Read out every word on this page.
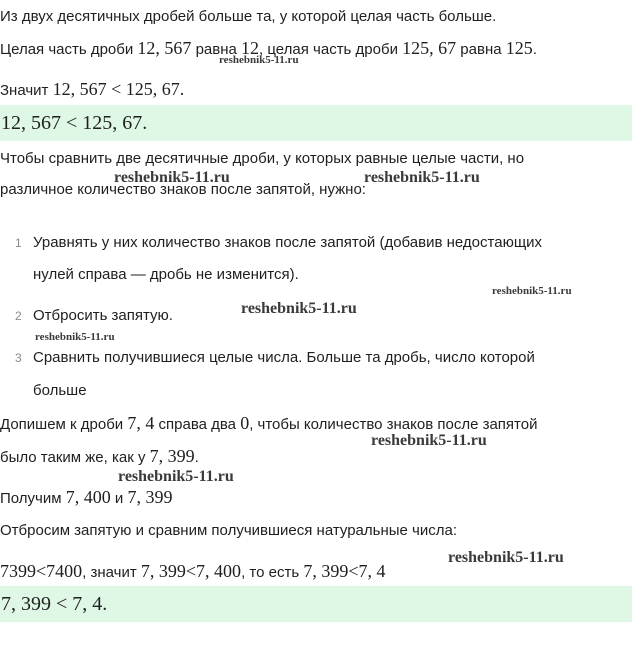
Из двух десятичных дробей больше та, у которой целая часть больше.
Целая часть дроби 12, 567 равна 12, целая часть дроби 125, 67 равна 125.
Значит 12, 567 < 125, 67.
12, 567 < 125, 67.
Чтобы сравнить две десятичные дроби, у которых равные целые части, но
различное количество знаков после запятой, нужно:
1 Уравнять у них количество знаков после запятой (добавив недостающих
нулей справа — дробь не изменится).
2 Отбросить запятую.
3 Сравнить получившиеся целые числа. Больше та дробь, число которой
больше
Допишем к дроби 7, 4 справа два 0, чтобы количество знаков после запятой
было таким же, как у 7, 399.
Получим 7, 400 и 7, 399
Отбросим запятую и сравним получившиеся натуральные числа:
7399<7400, значит 7, 399<7, 400, то есть 7, 399<7, 4
7, 399 < 7, 4.
reshebnik5-11.ru
reshebnik5-11.ru	reshebnik5-11.ru
reshebnik5-11.ru
reshebnik5-11.ru
reshebnik5-11.ru
reshebnik5-11.ru
reshebnik5-11.ru
reshebnik5-11.ru
